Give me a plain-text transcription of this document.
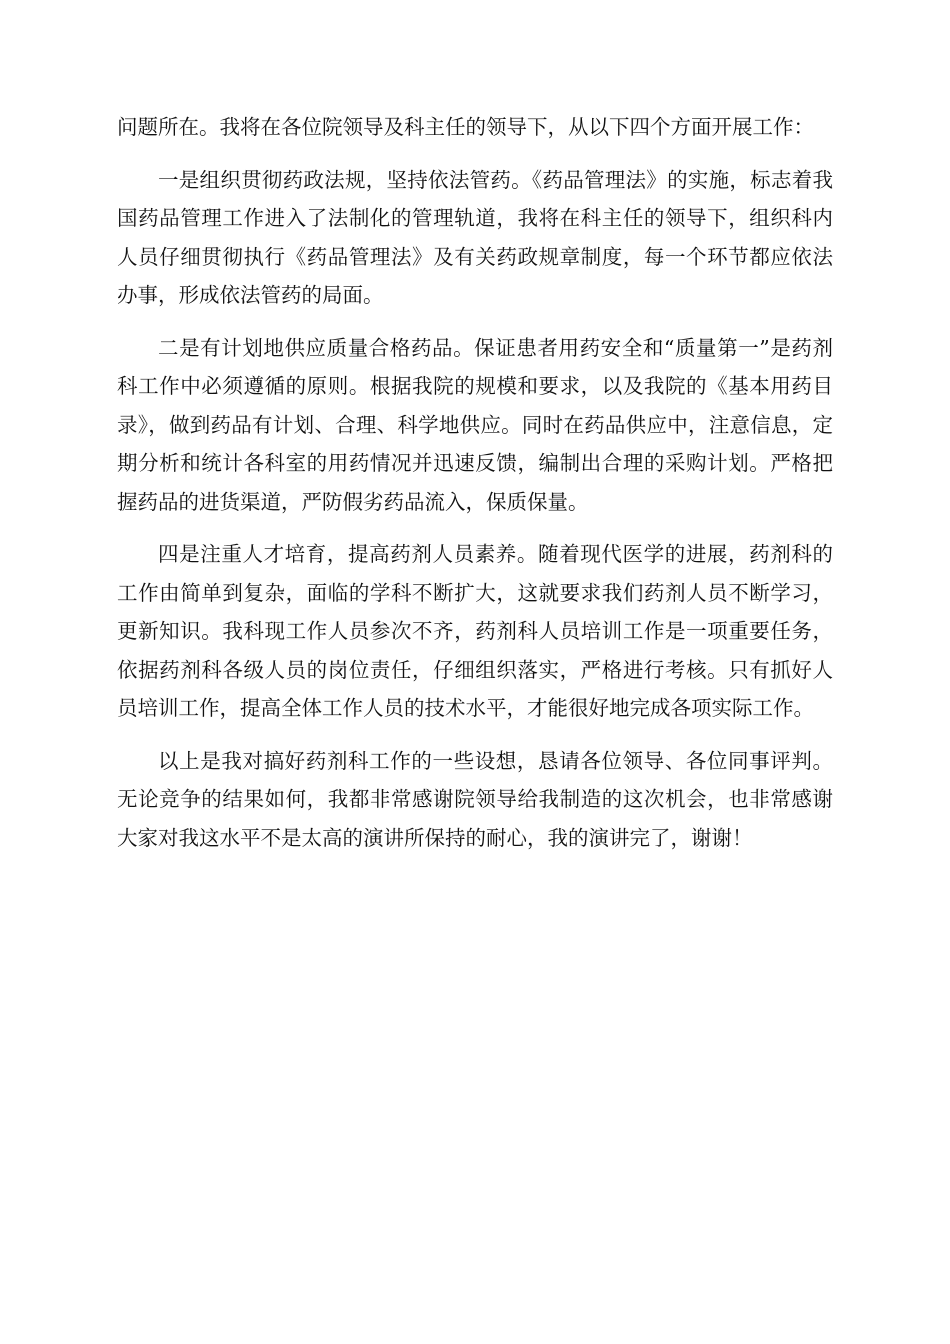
问题所在。我将在各位院领导及科主任的领导下，从以下四个方面开展工作：

一是组织贯彻药政法规，坚持依法管药。《药品管理法》的实施，标志着我国药品管理工作进入了法制化的管理轨道，我将在科主任的领导下，组织科内人员仔细贯彻执行《药品管理法》及有关药政规章制度，每一个环节都应依法办事，形成依法管药的局面。

二是有计划地供应质量合格药品。保证患者用药安全和“质量第一”是药剂科工作中必须遵循的原则。根据我院的规模和要求，以及我院的《基本用药目录》，做到药品有计划、合理、科学地供应。同时在药品供应中，注意信息，定期分析和统计各科室的用药情况并迅速反馈，编制出合理的采购计划。严格把握药品的进货渠道，严防假劣药品流入，保质保量。

四是注重人才培育，提高药剂人员素养。随着现代医学的进展，药剂科的工作由简单到复杂，面临的学科不断扩大，这就要求我们药剂人员不断学习，更新知识。我科现工作人员参次不齐，药剂科人员培训工作是一项重要任务，依据药剂科各级人员的岗位责任，仔细组织落实，严格进行考核。只有抓好人员培训工作，提高全体工作人员的技术水平，才能很好地完成各项实际工作。

以上是我对搞好药剂科工作的一些设想，恳请各位领导、各位同事评判。无论竞争的结果如何，我都非常感谢院领导给我制造的这次机会，也非常感谢大家对我这水平不是太高的演讲所保持的耐心，我的演讲完了，谢谢！
